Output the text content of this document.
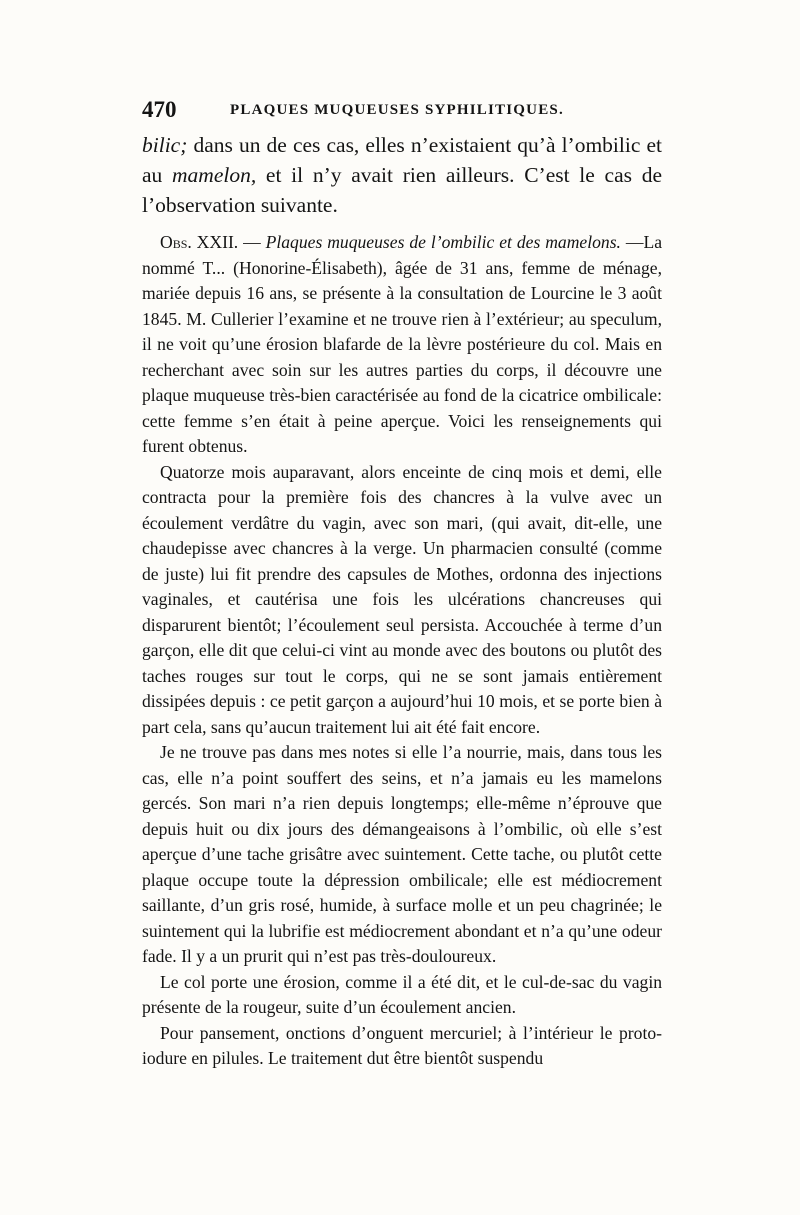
470	PLAQUES MUQUEUSES SYPHILITIQUES.

bilic; dans un de ces cas, elles n’existaient qu’à l’ombilic et au mamelon, et il n’y avait rien ailleurs. C’est le cas de l’observation suivante.

Obs. XXII. — Plaques muqueuses de l’ombilic et des mamelons. —La nommé T... (Honorine-Élisabeth), âgée de 31 ans, femme de ménage, mariée depuis 16 ans, se présente à la consultation de Lourcine le 3 août 1845. M. Cullerier l’examine et ne trouve rien à l’extérieur; au speculum, il ne voit qu’une érosion blafarde de la lèvre postérieure du col. Mais en recherchant avec soin sur les autres parties du corps, il découvre une plaque muqueuse très-bien caractérisée au fond de la cicatrice ombilicale: cette femme s’en était à peine aperçue. Voici les renseignements qui furent obtenus.

Quatorze mois auparavant, alors enceinte de cinq mois et demi, elle contracta pour la première fois des chancres à la vulve avec un écoulement verdâtre du vagin, avec son mari, (qui avait, dit-elle, une chaudepisse avec chancres à la verge. Un pharmacien consulté (comme de juste) lui fit prendre des capsules de Mothes, ordonna des injections vaginales, et cautérisa une fois les ulcérations chancreuses qui disparurent bientôt; l’écoulement seul persista. Accouchée à terme d’un garçon, elle dit que celui-ci vint au monde avec des boutons ou plutôt des taches rouges sur tout le corps, qui ne se sont jamais entièrement dissipées depuis : ce petit garçon a aujourd’hui 10 mois, et se porte bien à part cela, sans qu’aucun traitement lui ait été fait encore.

Je ne trouve pas dans mes notes si elle l’a nourrie, mais, dans tous les cas, elle n’a point souffert des seins, et n’a jamais eu les mamelons gercés. Son mari n’a rien depuis longtemps; elle-même n’éprouve que depuis huit ou dix jours des démangeaisons à l’ombilic, où elle s’est aperçue d’une tache grisâtre avec suintement. Cette tache, ou plutôt cette plaque occupe toute la dépression ombilicale; elle est médiocrement saillante, d’un gris rosé, humide, à surface molle et un peu chagrinée; le suintement qui la lubrifie est médiocrement abondant et n’a qu’une odeur fade. Il y a un prurit qui n’est pas très-douloureux.

Le col porte une érosion, comme il a été dit, et le cul-de-sac du vagin présente de la rougeur, suite d’un écoulement ancien.

Pour pansement, onctions d’onguent mercuriel; à l’intérieur le proto-iodure en pilules. Le traitement dut être bientôt suspendu
